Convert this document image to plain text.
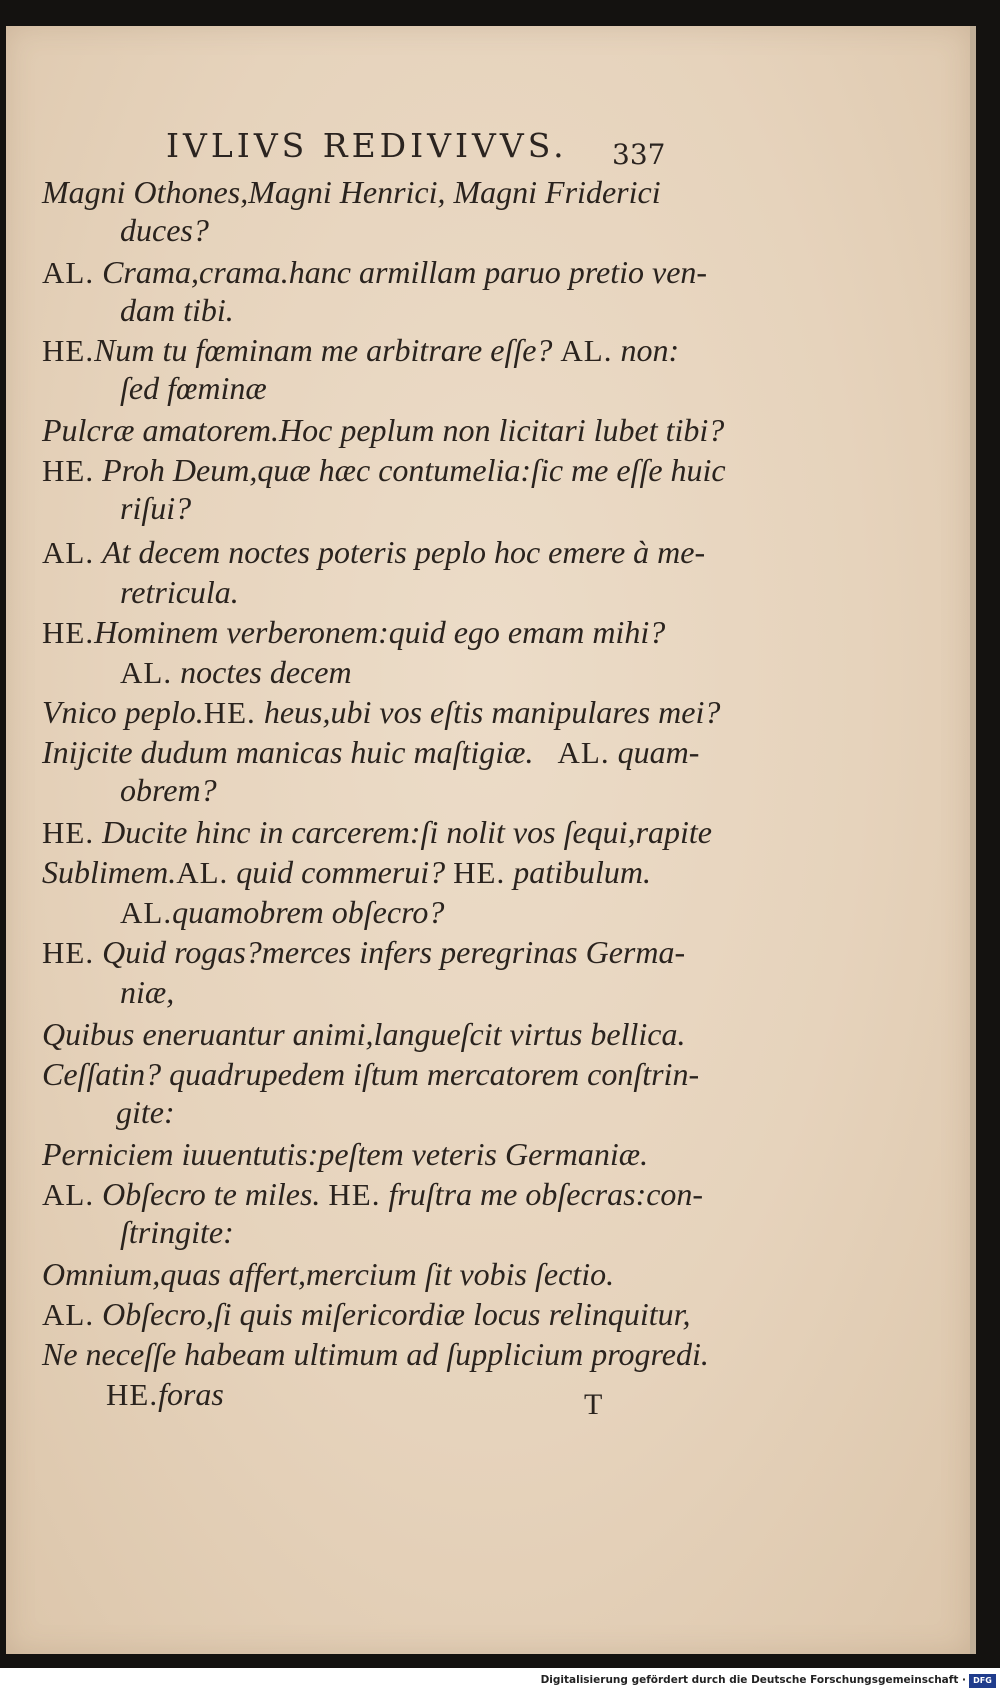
IVLIVS REDIVIVVS. 337
Magni Othones,Magni Henrici, Magni Friderici
duces?
AL. Crama,crama.hanc armillam paruo pretio ven-
dam tibi.
HE.Num tu fœminam me arbitrare eſſe? AL. non:
ſed fœminæ
Pulcræ amatorem.Hoc peplum non licitari lubet tibi?
HE. Proh Deum,quæ hæc contumelia:ſic me eſſe huic
riſui?
AL. At decem noctes poteris peplo hoc emere à me-
retricula.
HE.Hominem verberonem:quid ego emam mihi?
AL. noctes decem
Vnico peplo.HE. heus,ubi vos eſtis manipulares mei?
Inijcite dudum manicas huic maſtigiæ. AL. quam-
obrem?
HE. Ducite hinc in carcerem:ſi nolit vos ſequi,rapite
Sublimem.AL. quid commerui? HE. patibulum.
AL.quamobrem obſecro?
HE. Quid rogas?merces infers peregrinas Germa-
niæ,
Quibus eneruantur animi,langueſcit virtus bellica.
Ceſſatin? quadrupedem iſtum mercatorem conſtrin-
gite:
Perniciem iuuentutis:peſtem veteris Germaniæ.
AL. Obſecro te miles. HE. fruſtra me obſecras:con-
ſtringite:
Omnium,quas affert,mercium ſit vobis ſectio.
AL. Obſecro,ſi quis miſericordiæ locus relinquitur,
Ne neceſſe habeam ultimum ad ſupplicium progredi.
HE.foras	T
Digitalisierung gefördert durch die Deutsche Forschungsgemeinschaft · DFG
